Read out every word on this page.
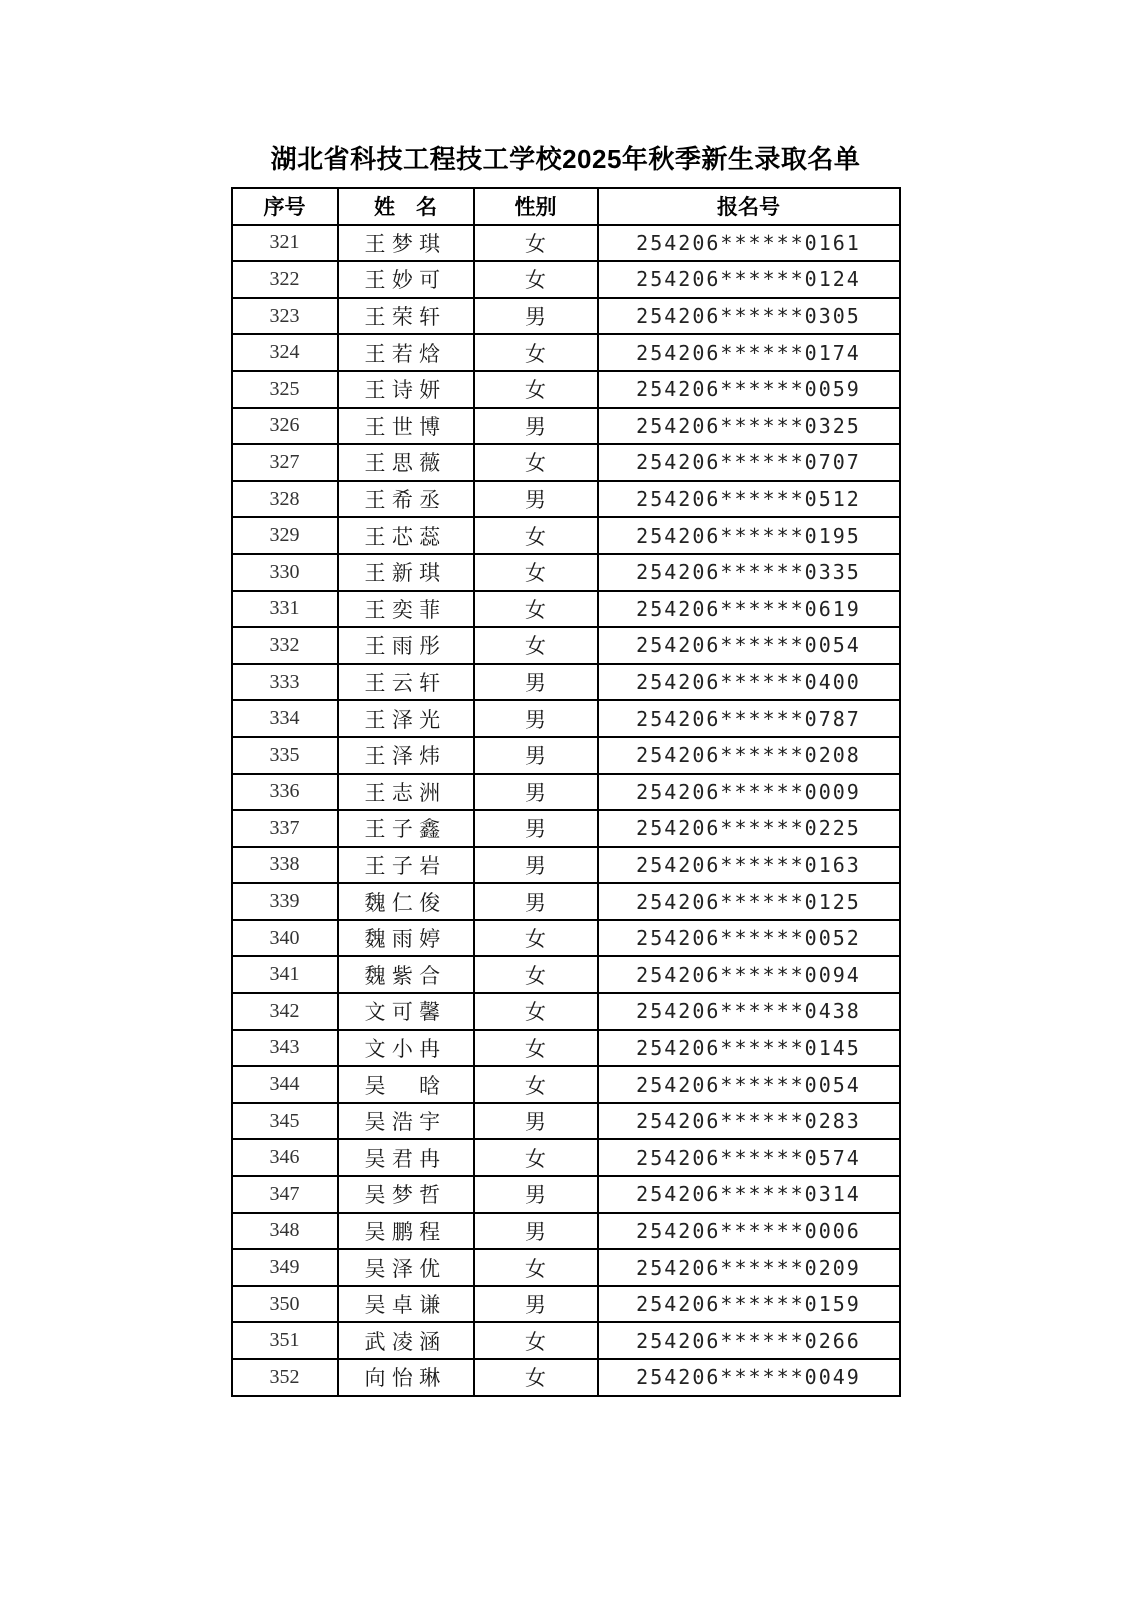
湖北省科技工程技工学校2025年秋季新生录取名单
序号	姓　名	性别	报名号
321	王梦琪	女	254206******0161
322	王妙可	女	254206******0124
323	王荣轩	男	254206******0305
324	王若焓	女	254206******0174
325	王诗妍	女	254206******0059
326	王世博	男	254206******0325
327	王思薇	女	254206******0707
328	王希丞	男	254206******0512
329	王芯蕊	女	254206******0195
330	王新琪	女	254206******0335
331	王奕菲	女	254206******0619
332	王雨彤	女	254206******0054
333	王云轩	男	254206******0400
334	王泽光	男	254206******0787
335	王泽炜	男	254206******0208
336	王志洲	男	254206******0009
337	王子鑫	男	254206******0225
338	王子岩	男	254206******0163
339	魏仁俊	男	254206******0125
340	魏雨婷	女	254206******0052
341	魏紫合	女	254206******0094
342	文可馨	女	254206******0438
343	文小冉	女	254206******0145
344	吴　晗	女	254206******0054
345	吴浩宇	男	254206******0283
346	吴君冉	女	254206******0574
347	吴梦哲	男	254206******0314
348	吴鹏程	男	254206******0006
349	吴泽优	女	254206******0209
350	吴卓谦	男	254206******0159
351	武凌涵	女	254206******0266
352	向怡琳	女	254206******0049
